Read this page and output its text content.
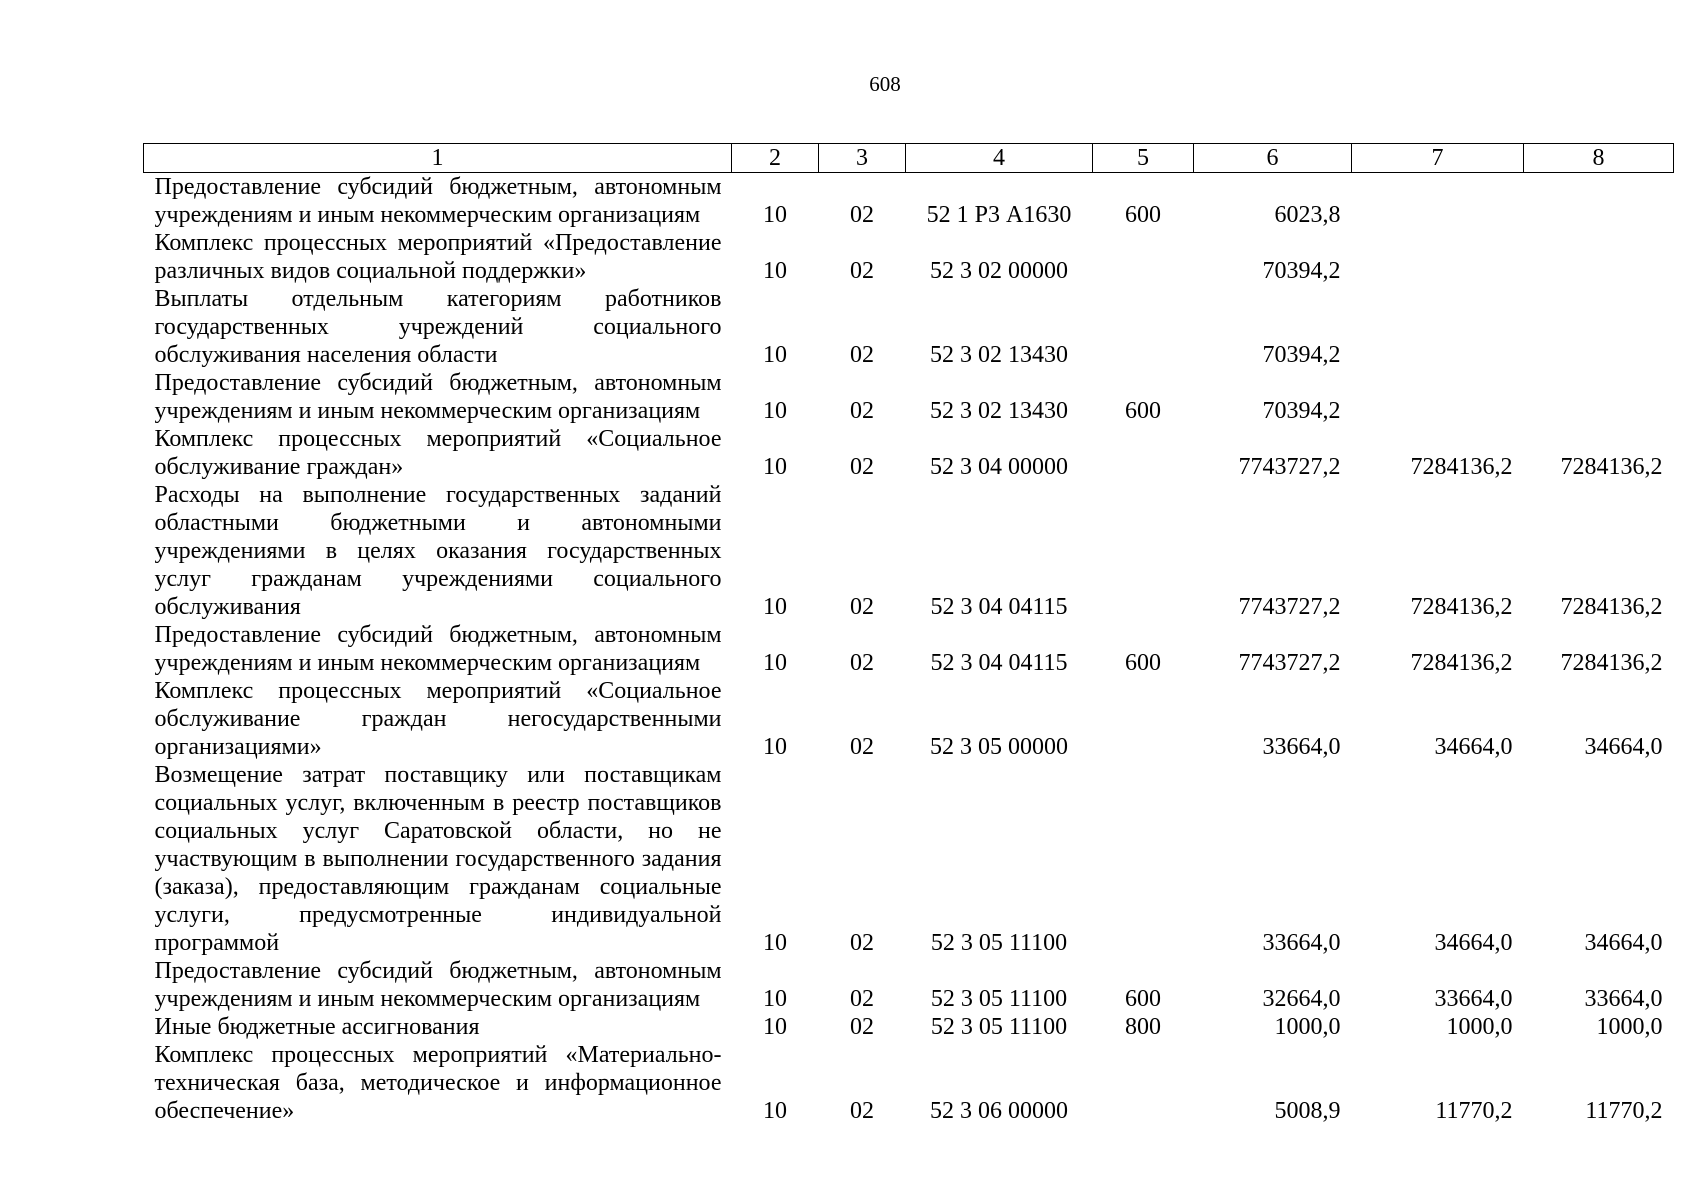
608
1	2	3	4	5	6	7	8
Предоставление субсидий бюджетным, автономным учреждениям и иным некоммерческим организациям	10	02	52 1 Р3 А1630	600	6023,8		
Комплекс процессных мероприятий «Предоставление различных видов социальной поддержки»	10	02	52 3 02 00000		70394,2		
Выплаты отдельным категориям работников государственных учреждений социального обслуживания населения области	10	02	52 3 02 13430		70394,2		
Предоставление субсидий бюджетным, автономным учреждениям и иным некоммерческим организациям	10	02	52 3 02 13430	600	70394,2		
Комплекс процессных мероприятий «Социальное обслуживание граждан»	10	02	52 3 04 00000		7743727,2	7284136,2	7284136,2
Расходы на выполнение государственных заданий областными бюджетными и автономными учреждениями в целях оказания государственных услуг гражданам учреждениями социального обслуживания	10	02	52 3 04 04115		7743727,2	7284136,2	7284136,2
Предоставление субсидий бюджетным, автономным учреждениям и иным некоммерческим организациям	10	02	52 3 04 04115	600	7743727,2	7284136,2	7284136,2
Комплекс процессных мероприятий «Социальное обслуживание граждан негосударственными организациями»	10	02	52 3 05 00000		33664,0	34664,0	34664,0
Возмещение затрат поставщику или поставщикам социальных услуг, включенным в реестр поставщиков социальных услуг Саратовской области, но не участвующим в выполнении государственного задания (заказа), предоставляющим гражданам социальные услуги, предусмотренные индивидуальной программой	10	02	52 3 05 11100		33664,0	34664,0	34664,0
Предоставление субсидий бюджетным, автономным учреждениям и иным некоммерческим организациям	10	02	52 3 05 11100	600	32664,0	33664,0	33664,0
Иные бюджетные ассигнования	10	02	52 3 05 11100	800	1000,0	1000,0	1000,0
Комплекс процессных мероприятий «Материально-техническая база, методическое и информационное обеспечение»	10	02	52 3 06 00000		5008,9	11770,2	11770,2
